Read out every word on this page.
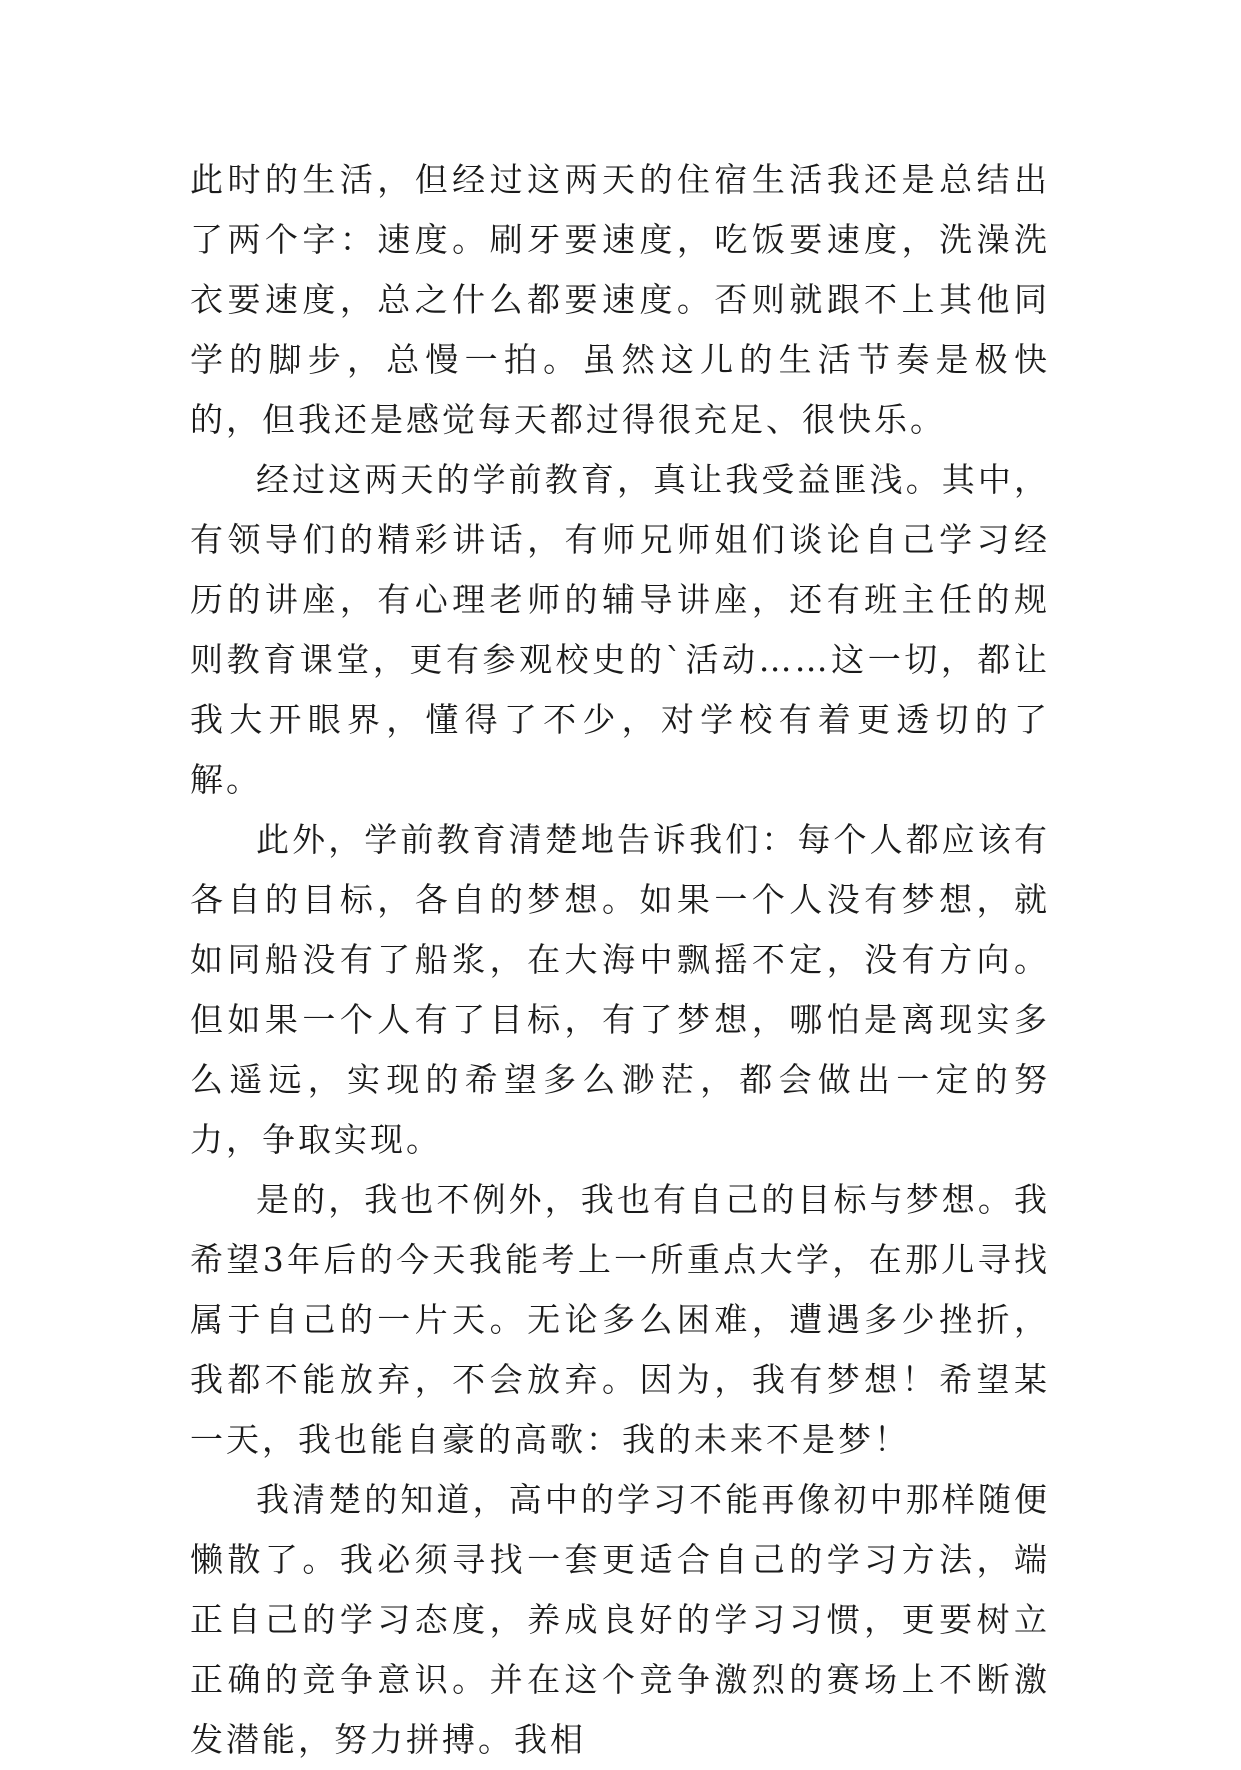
此时的生活，但经过这两天的住宿生活我还是总结出了两个字：速度。刷牙要速度，吃饭要速度，洗澡洗衣要速度，总之什么都要速度。否则就跟不上其他同学的脚步，总慢一拍。虽然这儿的生活节奏是极快的，但我还是感觉每天都过得很充足、很快乐。

经过这两天的学前教育，真让我受益匪浅。其中，有领导们的精彩讲话，有师兄师姐们谈论自己学习经历的讲座，有心理老师的辅导讲座，还有班主任的规则教育课堂，更有参观校史的`活动……这一切，都让我大开眼界，懂得了不少，对学校有着更透切的了解。

此外，学前教育清楚地告诉我们：每个人都应该有各自的目标，各自的梦想。如果一个人没有梦想，就如同船没有了船浆，在大海中飘摇不定，没有方向。但如果一个人有了目标，有了梦想，哪怕是离现实多么遥远，实现的希望多么渺茫，都会做出一定的努力，争取实现。

是的，我也不例外，我也有自己的目标与梦想。我希望3年后的今天我能考上一所重点大学，在那儿寻找属于自己的一片天。无论多么困难，遭遇多少挫折，我都不能放弃，不会放弃。因为，我有梦想！希望某一天，我也能自豪的高歌：我的未来不是梦！

我清楚的知道，高中的学习不能再像初中那样随便懒散了。我必须寻找一套更适合自己的学习方法，端正自己的学习态度，养成良好的学习习惯，更要树立正确的竞争意识。并在这个竞争激烈的赛场上不断激发潜能，努力拼搏。我相
